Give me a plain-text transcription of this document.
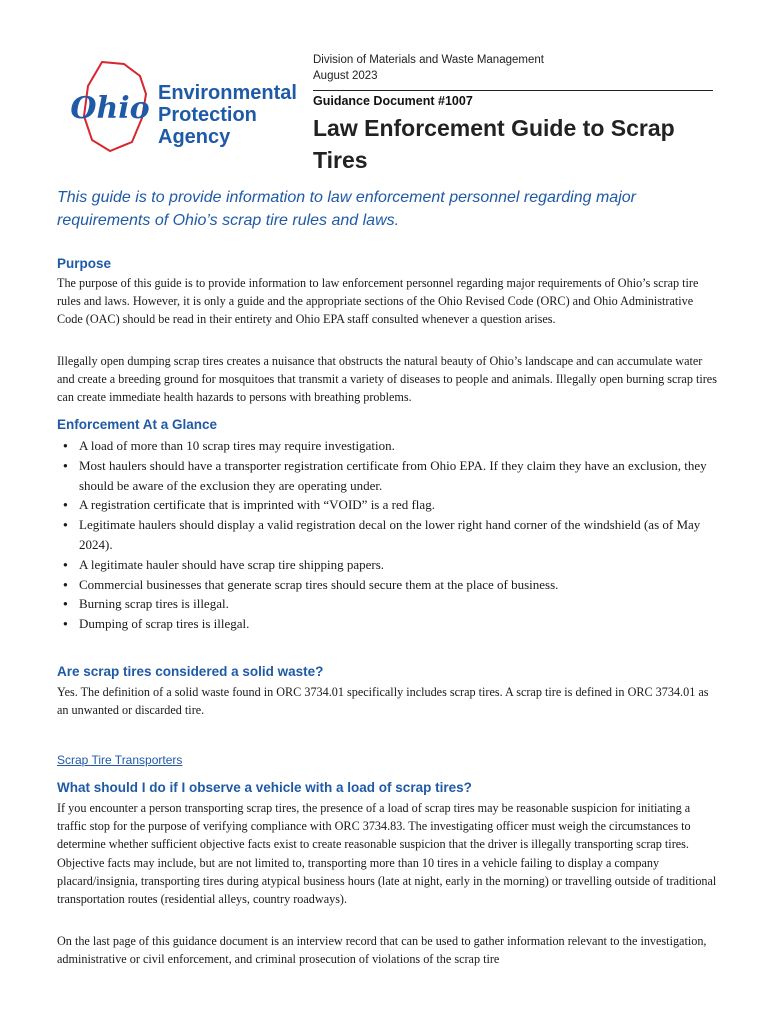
Division of Materials and Waste Management
August 2023
Ohio Environmental
Protection
Agency
Guidance Document #1007
Law Enforcement Guide to Scrap Tires
This guide is to provide information to law enforcement personnel regarding major requirements of Ohio’s scrap tire rules and laws.
Purpose
The purpose of this guide is to provide information to law enforcement personnel regarding major requirements of Ohio’s scrap tire rules and laws. However, it is only a guide and the appropriate sections of the Ohio Revised Code (ORC) and Ohio Administrative Code (OAC) should be read in their entirety and Ohio EPA staff consulted whenever a question arises.
Illegally open dumping scrap tires creates a nuisance that obstructs the natural beauty of Ohio’s landscape and can accumulate water and create a breeding ground for mosquitoes that transmit a variety of diseases to people and animals. Illegally open burning scrap tires can create immediate health hazards to persons with breathing problems.
Enforcement At a Glance
● A load of more than 10 scrap tires may require investigation.
● Most haulers should have a transporter registration certificate from Ohio EPA. If they claim they have an exclusion, they should be aware of the exclusion they are operating under.
● A registration certificate that is imprinted with “VOID” is a red flag.
● Legitimate haulers should display a valid registration decal on the lower right hand corner of the windshield (as of May 2024).
● A legitimate hauler should have scrap tire shipping papers.
● Commercial businesses that generate scrap tires should secure them at the place of business.
● Burning scrap tires is illegal.
● Dumping of scrap tires is illegal.
Are scrap tires considered a solid waste?
Yes. The definition of a solid waste found in ORC 3734.01 specifically includes scrap tires. A scrap tire is defined in ORC 3734.01 as an unwanted or discarded tire.
Scrap Tire Transporters
What should I do if I observe a vehicle with a load of scrap tires?
If you encounter a person transporting scrap tires, the presence of a load of scrap tires may be reasonable suspicion for initiating a traffic stop for the purpose of verifying compliance with ORC 3734.83. The investigating officer must weigh the circumstances to determine whether sufficient objective facts exist to create reasonable suspicion that the driver is illegally transporting scrap tires. Objective facts may include, but are not limited to, transporting more than 10 tires in a vehicle failing to display a company placard/insignia, transporting tires during atypical business hours (late at night, early in the morning) or travelling outside of traditional transportation routes (residential alleys, country roadways).
On the last page of this guidance document is an interview record that can be used to gather information relevant to the investigation, administrative or civil enforcement, and criminal prosecution of violations of the scrap tire
